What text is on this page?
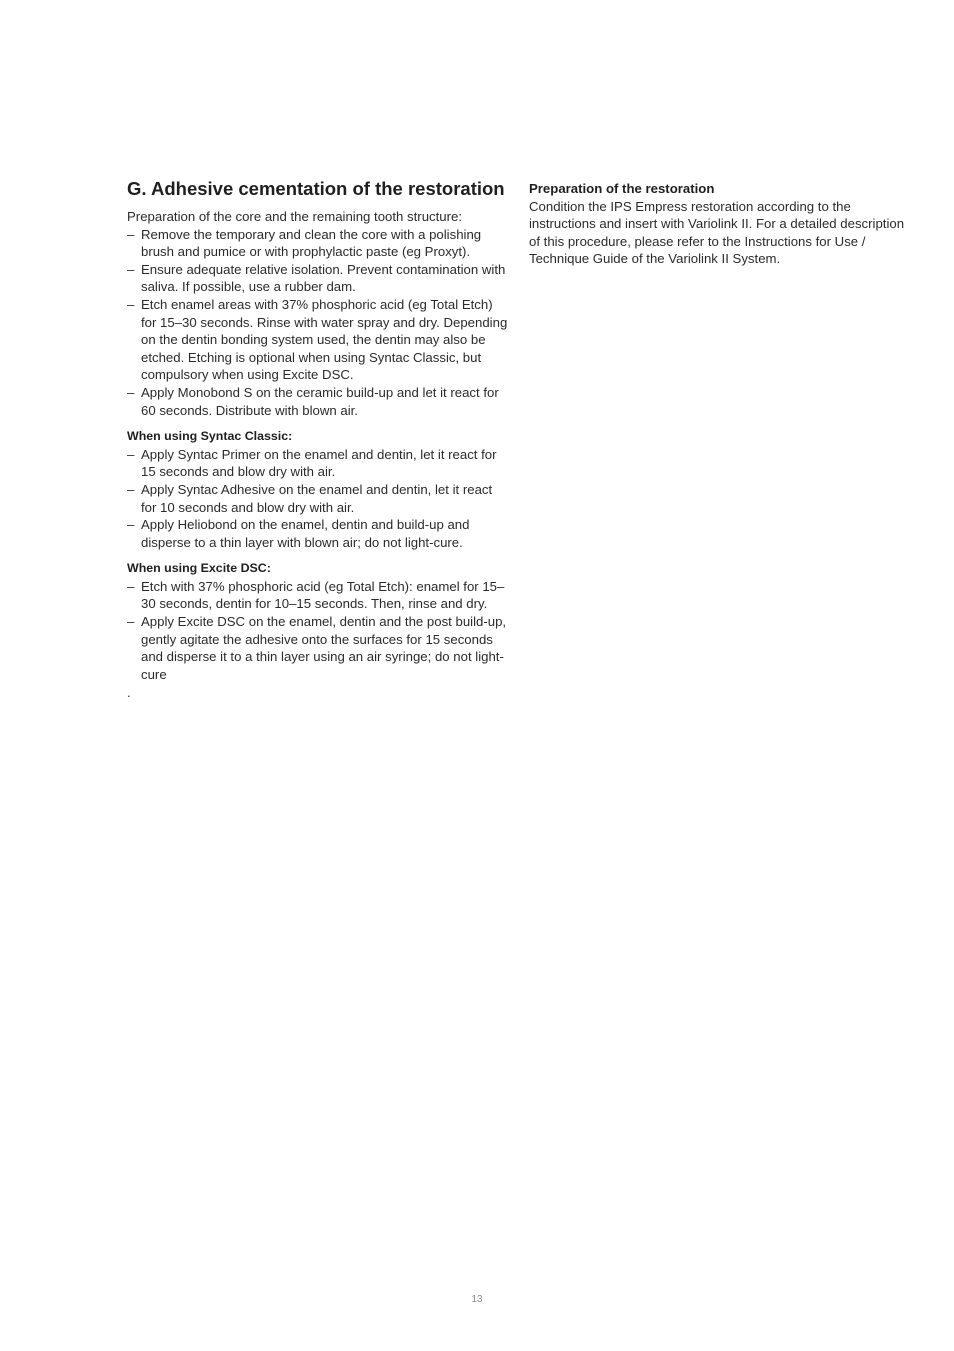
G. Adhesive cementation of the restoration

Preparation of the core and the remaining tooth structure:

– Remove the temporary and clean the core with a polishing brush and pumice or with prophylactic paste (eg Proxyt).
– Ensure adequate relative isolation. Prevent contamination with saliva. If possible, use a rubber dam.
– Etch enamel areas with 37% phosphoric acid (eg Total Etch) for 15–30 seconds. Rinse with water spray and dry. Depending on the dentin bonding system used, the dentin may also be etched. Etching is optional when using Syntac Classic, but compulsory when using Excite DSC.
– Apply Monobond S on the ceramic build-up and let it react for 60 seconds. Distribute with blown air.
When using Syntac Classic:
– Apply Syntac Primer on the enamel and dentin, let it react for 15 seconds and blow dry with air.
– Apply Syntac Adhesive on the enamel and dentin, let it react for 10 seconds and blow dry with air.
– Apply Heliobond on the enamel, dentin and build-up and disperse to a thin layer with blown air; do not light-cure.
When using Excite DSC:
– Etch with 37% phosphoric acid (eg Total Etch): enamel for 15–30 seconds, dentin for 10–15 seconds. Then, rinse and dry.
– Apply Excite DSC on the enamel, dentin and the post build-up, gently agitate the adhesive onto the surfaces for 15 seconds and disperse it to a thin layer using an air syringe; do not light-cure
.
Preparation of the restoration

Condition the IPS Empress restoration according to the instructions and insert with Variolink II. For a detailed description of this procedure, please refer to the Instructions for Use / Technique Guide of the Variolink II System.

13
